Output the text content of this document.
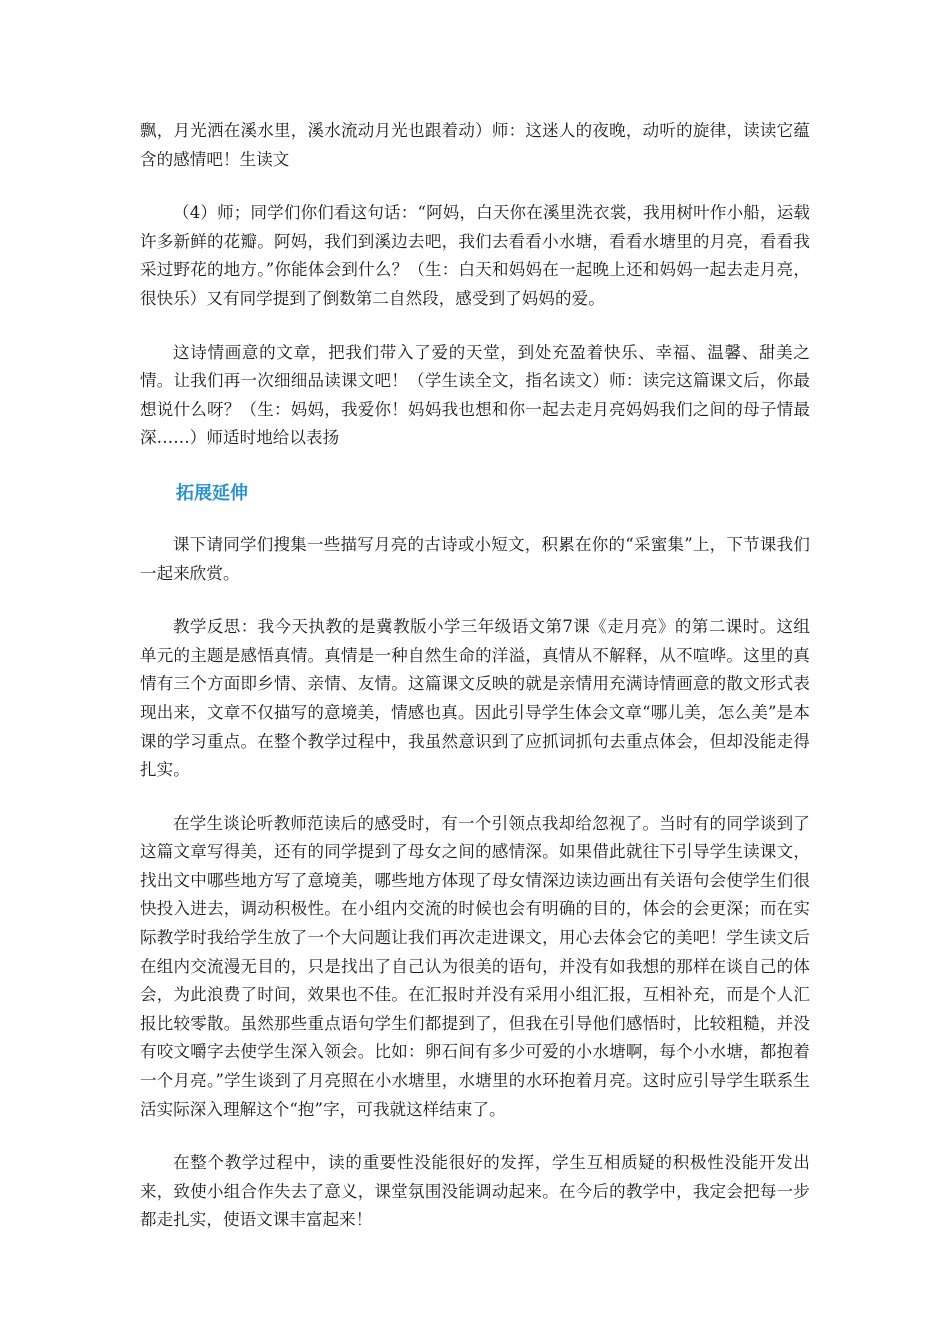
飘，月光洒在溪水里，溪水流动月光也跟着动）师：这迷人的夜晚，动听的旋律，读读它蕴含的感情吧！生读文

（4）师；同学们你们看这句话：“阿妈，白天你在溪里洗衣裳，我用树叶作小船，运载许多新鲜的花瓣。阿妈，我们到溪边去吧，我们去看看小水塘，看看水塘里的月亮，看看我采过野花的地方。”你能体会到什么？（生：白天和妈妈在一起晚上还和妈妈一起去走月亮，很快乐）又有同学提到了倒数第二自然段，感受到了妈妈的爱。

这诗情画意的文章，把我们带入了爱的天堂，到处充盈着快乐、幸福、温馨、甜美之情。让我们再一次细细品读课文吧！（学生读全文，指名读文）师：读完这篇课文后，你最想说什么呀？（生：妈妈，我爱你！妈妈我也想和你一起去走月亮妈妈我们之间的母子情最深……）师适时地给以表扬

拓展延伸

课下请同学们搜集一些描写月亮的古诗或小短文，积累在你的“采蜜集”上，下节课我们一起来欣赏。

教学反思：我今天执教的是冀教版小学三年级语文第7课《走月亮》的第二课时。这组单元的主题是感悟真情。真情是一种自然生命的洋溢，真情从不解释，从不喧哗。这里的真情有三个方面即乡情、亲情、友情。这篇课文反映的就是亲情用充满诗情画意的散文形式表现出来，文章不仅描写的意境美，情感也真。因此引导学生体会文章“哪儿美，怎么美”是本课的学习重点。在整个教学过程中，我虽然意识到了应抓词抓句去重点体会，但却没能走得扎实。

在学生谈论听教师范读后的感受时，有一个引领点我却给忽视了。当时有的同学谈到了这篇文章写得美，还有的同学提到了母女之间的感情深。如果借此就往下引导学生读课文，找出文中哪些地方写了意境美，哪些地方体现了母女情深边读边画出有关语句会使学生们很快投入进去，调动积极性。在小组内交流的时候也会有明确的目的，体会的会更深；而在实际教学时我给学生放了一个大问题让我们再次走进课文，用心去体会它的美吧！学生读文后在组内交流漫无目的，只是找出了自己认为很美的语句，并没有如我想的那样在谈自己的体会，为此浪费了时间，效果也不佳。在汇报时并没有采用小组汇报，互相补充，而是个人汇报比较零散。虽然那些重点语句学生们都提到了，但我在引导他们感悟时，比较粗糙，并没有咬文嚼字去使学生深入领会。比如：卵石间有多少可爱的小水塘啊，每个小水塘，都抱着一个月亮。”学生谈到了月亮照在小水塘里，水塘里的水环抱着月亮。这时应引导学生联系生活实际深入理解这个“抱”字，可我就这样结束了。

在整个教学过程中，读的重要性没能很好的发挥，学生互相质疑的积极性没能开发出来，致使小组合作失去了意义，课堂氛围没能调动起来。在今后的教学中，我定会把每一步都走扎实，使语文课丰富起来！
